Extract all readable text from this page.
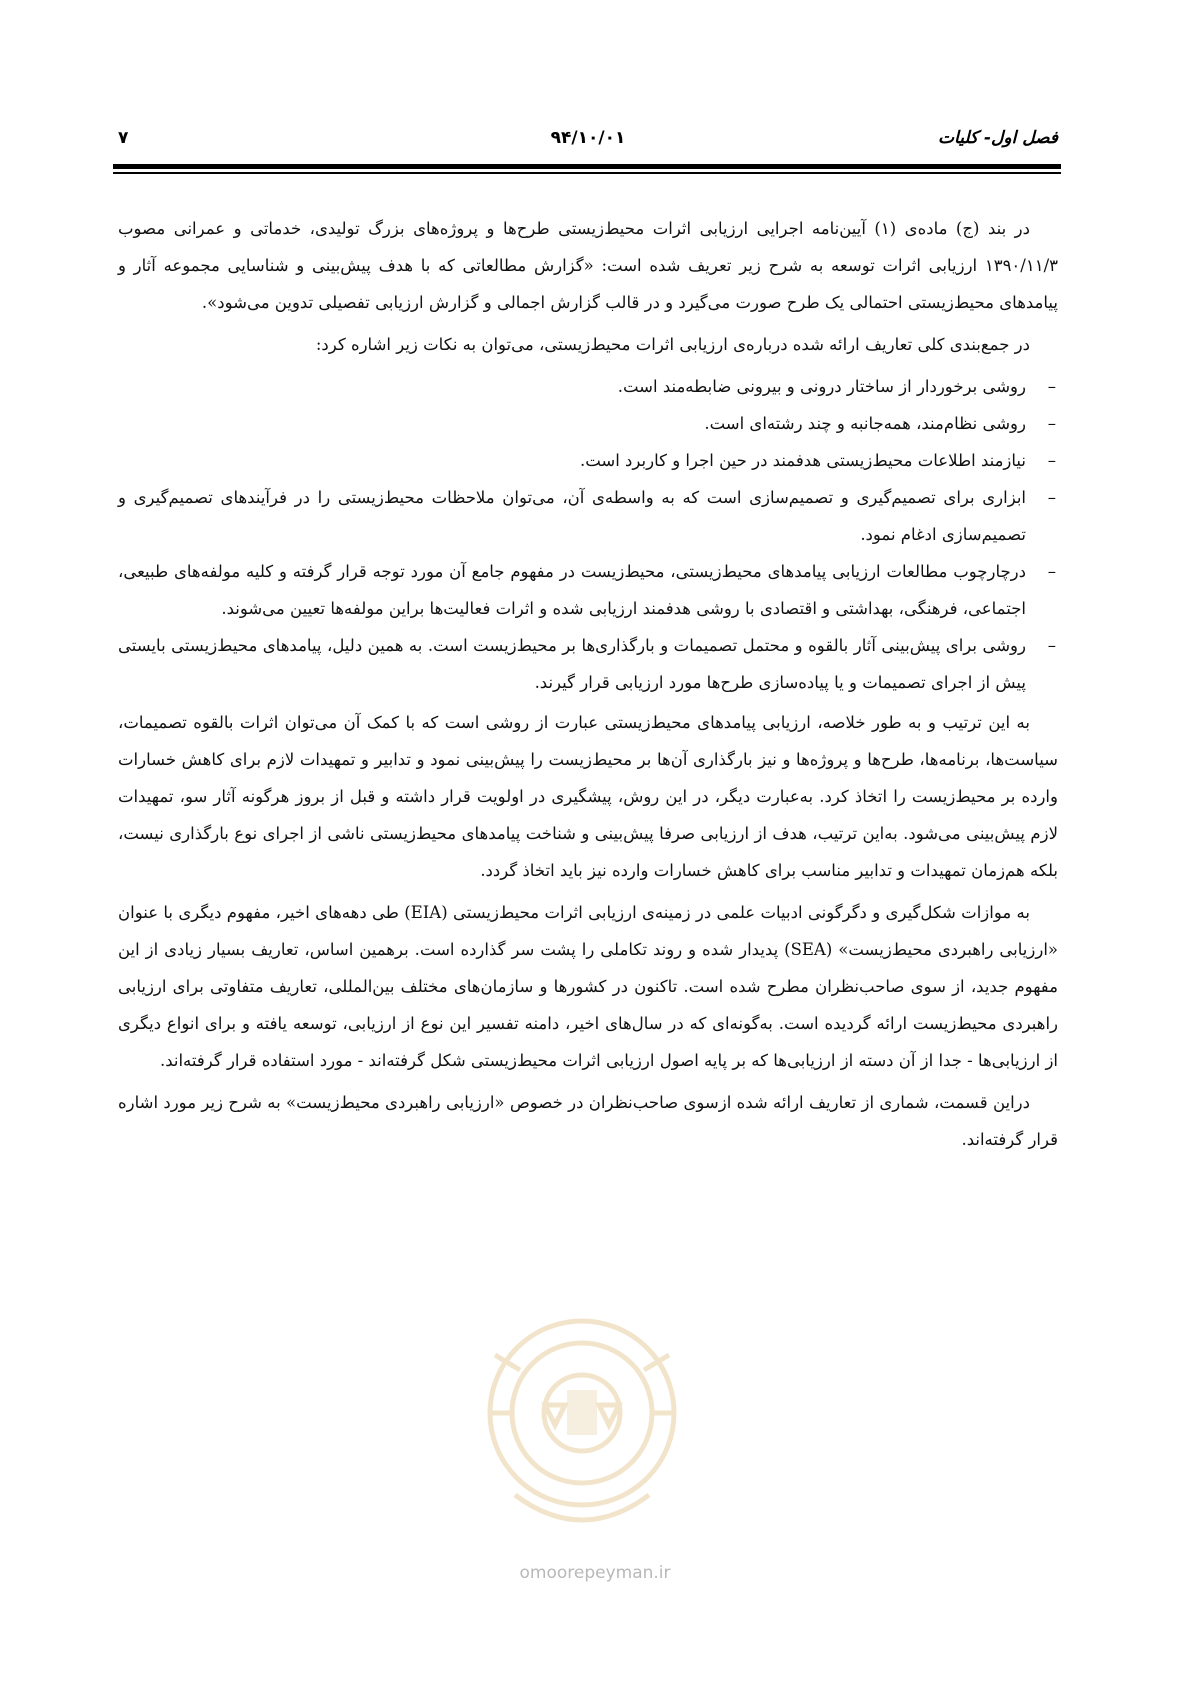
فصل اول- کلیات
۹۴/۱۰/۰۱
۷

در بند (ج) ماده‌ی (۱) آیین‌نامه اجرایی ارزیابی اثرات محیط‌زیستی طرح‌ها و پروژه‌های بزرگ تولیدی، خدماتی و عمرانی مصوب ۱۳۹۰/۱۱/۳ ارزیابی اثرات توسعه به شرح زیر تعریف شده است: «گزارش مطالعاتی که با هدف پیش‌بینی و شناسایی مجموعه آثار و پیامدهای محیط‌زیستی احتمالی یک طرح صورت می‌گیرد و در قالب گزارش اجمالی و گزارش ارزیابی تفصیلی تدوین می‌شود».

در جمع‌بندی کلی تعاریف ارائه شده درباره‌ی ارزیابی اثرات محیط‌زیستی، می‌توان به نکات زیر اشاره کرد:

– روشی برخوردار از ساختار درونی و بیرونی ضابطه‌مند است.
– روشی نظام‌مند، همه‌جانبه و چند رشته‌ای است.
– نیازمند اطلاعات محیط‌زیستی هدفمند در حین اجرا و کاربرد است.
– ابزاری برای تصمیم‌گیری و تصمیم‌سازی است که به واسطه‌ی آن، می‌توان ملاحظات محیط‌زیستی را در فرآیندهای تصمیم‌گیری و تصمیم‌سازی ادغام نمود.
– درچارچوب مطالعات ارزیابی پیامدهای محیط‌زیستی، محیط‌زیست در مفهوم جامع آن مورد توجه قرار گرفته و کلیه مولفه‌های طبیعی، اجتماعی، فرهنگی، بهداشتی و اقتصادی با روشی هدفمند ارزیابی شده و اثرات فعالیت‌ها براین مولفه‌ها تعیین می‌شوند.
– روشی برای پیش‌بینی آثار بالقوه و محتمل تصمیمات و بارگذاری‌ها بر محیط‌زیست است. به همین دلیل، پیامدهای محیط‌زیستی بایستی پیش از اجرای تصمیمات و یا پیاده‌سازی طرح‌ها مورد ارزیابی قرار گیرند.

به این ترتیب و به طور خلاصه، ارزیابی پیامدهای محیط‌زیستی عبارت از روشی است که با کمک آن می‌توان اثرات بالقوه تصمیمات، سیاست‌ها، برنامه‌ها، طرح‌ها و پروژه‌ها و نیز بارگذاری آن‌ها بر محیط‌زیست را پیش‌بینی نمود و تدابیر و تمهیدات لازم برای کاهش خسارات وارده بر محیط‌زیست را اتخاذ کرد. به‌عبارت دیگر، در این روش، پیشگیری در اولویت قرار داشته و قبل از بروز هرگونه آثار سو، تمهیدات لازم پیش‌بینی می‌شود. به‌این ترتیب، هدف از ارزیابی صرفا پیش‌بینی و شناخت پیامدهای محیط‌زیستی ناشی از اجرای نوع بارگذاری نیست، بلکه هم‌زمان تمهیدات و تدابیر مناسب برای کاهش خسارات وارده نیز باید اتخاذ گردد.

به موازات شکل‌گیری و دگرگونی ادبیات علمی در زمینه‌ی ارزیابی اثرات محیط‌زیستی (EIA) طی دهه‌های اخیر، مفهوم دیگری با عنوان «ارزیابی راهبردی محیط‌زیست» (SEA) پدیدار شده و روند تکاملی را پشت سر گذارده است. برهمین اساس، تعاریف بسیار زیادی از این مفهوم جدید، از سوی صاحب‌نظران مطرح شده است. تاکنون در کشورها و سازمان‌های مختلف بین‌المللی، تعاریف متفاوتی برای ارزیابی راهبردی محیط‌زیست ارائه گردیده است. به‌گونه‌ای که در سال‌های اخیر، دامنه تفسیر این نوع از ارزیابی، توسعه یافته و برای انواع دیگری از ارزیابی‌ها - جدا از آن دسته از ارزیابی‌ها که بر پایه اصول ارزیابی اثرات محیط‌زیستی شکل گرفته‌اند - مورد استفاده قرار گرفته‌اند.

دراین قسمت، شماری از تعاریف ارائه شده ازسوی صاحب‌نظران در خصوص «ارزیابی راهبردی محیط‌زیست» به شرح زیر مورد اشاره قرار گرفته‌اند.

omoorepeyman.ir
